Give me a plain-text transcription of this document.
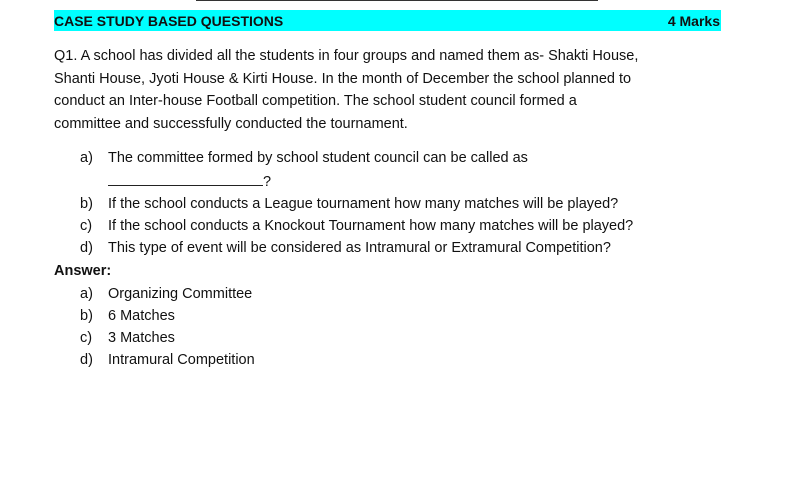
CASE STUDY BASED QUESTIONS	4 Marks
Q1. A school has divided all the students in four groups and named them as- Shakti House,
Shanti House, Jyoti House & Kirti House. In the month of December the school planned to
conduct an Inter-house Football competition. The school student council formed a
committee and successfully conducted the tournament.
a) The committee formed by school student council can be called as
?
b) If the school conducts a League tournament how many matches will be played?
c) If the school conducts a Knockout Tournament how many matches will be played?
d) This type of event will be considered as Intramural or Extramural Competition?
Answer:
a) Organizing Committee
b) 6 Matches
c) 3 Matches
d) Intramural Competition
